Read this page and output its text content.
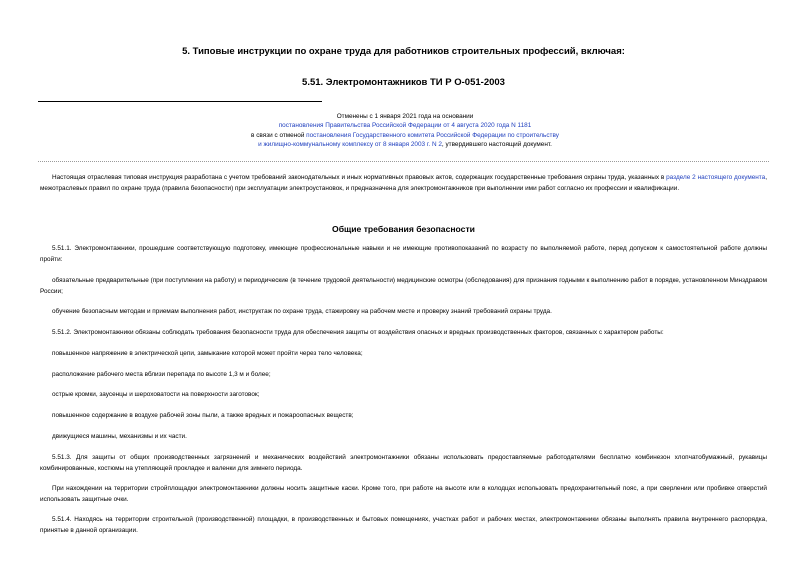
5. Типовые инструкции по охране труда для работников строительных профессий, включая:
5.51. Электромонтажников ТИ Р О-051-2003
Отменены с 1 января 2021 года на основании
постановления Правительства Российской Федерации от 4 августа 2020 года N 1181
в связи с отменой постановления Государственного комитета Российской Федерации по строительству
и жилищно-коммунальному комплексу от 8 января 2003 г. N 2, утвердившего настоящий документ.
Настоящая отраслевая типовая инструкция разработана с учетом требований законодательных и иных нормативных правовых актов, содержащих государственные требования охраны труда, указанных в разделе 2 настоящего документа, межотраслевых правил по охране труда (правила безопасности) при эксплуатации электроустановок, и предназначена для электромонтажников при выполнении ими работ согласно их профессии и квалификации.
Общие требования безопасности
5.51.1. Электромонтажники, прошедшие соответствующую подготовку, имеющие профессиональные навыки и не имеющие противопоказаний по возрасту по выполняемой работе, перед допуском к самостоятельной работе должны пройти:
обязательные предварительные (при поступлении на работу) и периодические (в течение трудовой деятельности) медицинские осмотры (обследования) для признания годными к выполнению работ в порядке, установленном Минздравом России;
обучение безопасным методам и приемам выполнения работ, инструктаж по охране труда, стажировку на рабочем месте и проверку знаний требований охраны труда.
5.51.2. Электромонтажники обязаны соблюдать требования безопасности труда для обеспечения защиты от воздействия опасных и вредных производственных факторов, связанных с характером работы:
повышенное напряжение в электрической цепи, замыкание которой может пройти через тело человека;
расположение рабочего места вблизи перепада по высоте 1,3 м и более;
острые кромки, заусенцы и шероховатости на поверхности заготовок;
повышенное содержание в воздухе рабочей зоны пыли, а также вредных и пожароопасных веществ;
движущиеся машины, механизмы и их части.
5.51.3. Для защиты от общих производственных загрязнений и механических воздействий электромонтажники обязаны использовать предоставляемые работодателями бесплатно комбинезон хлопчатобумажный, рукавицы комбинированные, костюмы на утепляющей прокладке и валенки для зимнего периода.
При нахождении на территории стройплощадки электромонтажники должны носить защитные каски. Кроме того, при работе на высоте или в колодцах использовать предохранительный пояс, а при сверлении или пробивке отверстий использовать защитные очки.
5.51.4. Находясь на территории строительной (производственной) площадки, в производственных и бытовых помещениях, участках работ и рабочих местах, электромонтажники обязаны выполнять правила внутреннего распорядка, принятые в данной организации.
